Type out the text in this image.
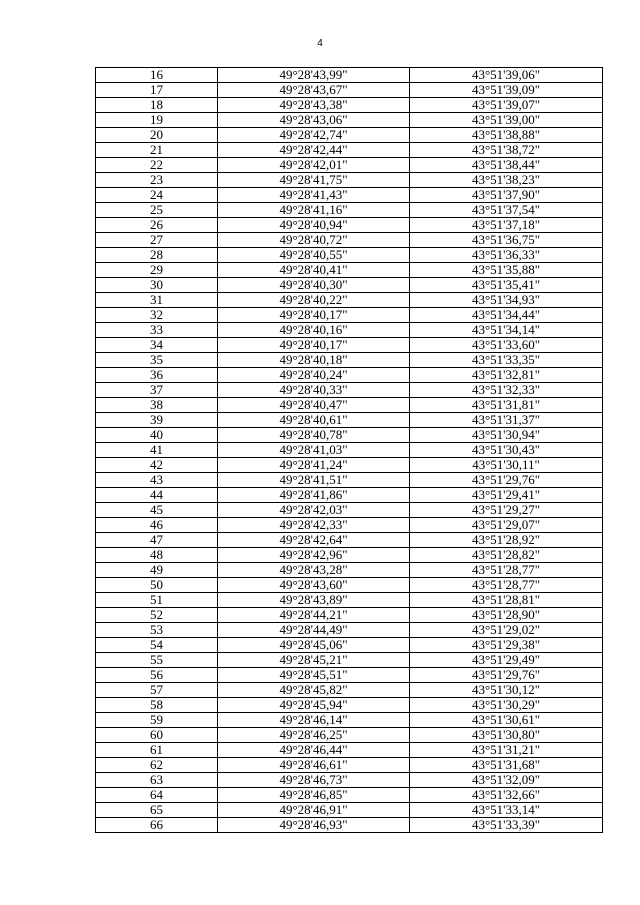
4
16	49°28'43,99"	43°51'39,06"
17	49°28'43,67"	43°51'39,09"
18	49°28'43,38"	43°51'39,07"
19	49°28'43,06"	43°51'39,00"
20	49°28'42,74"	43°51'38,88"
21	49°28'42,44"	43°51'38,72"
22	49°28'42,01"	43°51'38,44"
23	49°28'41,75"	43°51'38,23"
24	49°28'41,43"	43°51'37,90"
25	49°28'41,16"	43°51'37,54"
26	49°28'40,94"	43°51'37,18"
27	49°28'40,72"	43°51'36,75"
28	49°28'40,55"	43°51'36,33"
29	49°28'40,41"	43°51'35,88"
30	49°28'40,30"	43°51'35,41"
31	49°28'40,22"	43°51'34,93"
32	49°28'40,17"	43°51'34,44"
33	49°28'40,16"	43°51'34,14"
34	49°28'40,17"	43°51'33,60"
35	49°28'40,18"	43°51'33,35"
36	49°28'40,24"	43°51'32,81"
37	49°28'40,33"	43°51'32,33"
38	49°28'40,47"	43°51'31,81"
39	49°28'40,61"	43°51'31,37"
40	49°28'40,78"	43°51'30,94"
41	49°28'41,03"	43°51'30,43"
42	49°28'41,24"	43°51'30,11"
43	49°28'41,51"	43°51'29,76"
44	49°28'41,86"	43°51'29,41"
45	49°28'42,03"	43°51'29,27"
46	49°28'42,33"	43°51'29,07"
47	49°28'42,64"	43°51'28,92"
48	49°28'42,96"	43°51'28,82"
49	49°28'43,28"	43°51'28,77"
50	49°28'43,60"	43°51'28,77"
51	49°28'43,89"	43°51'28,81"
52	49°28'44,21"	43°51'28,90"
53	49°28'44,49"	43°51'29,02"
54	49°28'45,06"	43°51'29,38"
55	49°28'45,21"	43°51'29,49"
56	49°28'45,51"	43°51'29,76"
57	49°28'45,82"	43°51'30,12"
58	49°28'45,94"	43°51'30,29"
59	49°28'46,14"	43°51'30,61"
60	49°28'46,25"	43°51'30,80"
61	49°28'46,44"	43°51'31,21"
62	49°28'46,61"	43°51'31,68"
63	49°28'46,73"	43°51'32,09"
64	49°28'46,85"	43°51'32,66"
65	49°28'46,91"	43°51'33,14"
66	49°28'46,93"	43°51'33,39"
